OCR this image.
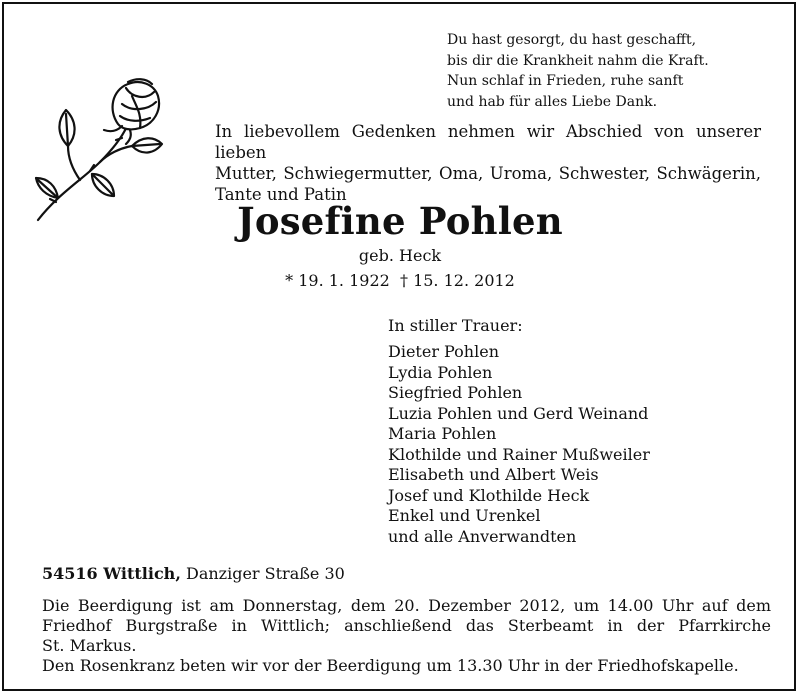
Du hast gesorgt, du hast geschafft,
bis dir die Krankheit nahm die Kraft.
Nun schlaf in Frieden, ruhe sanft
und hab für alles Liebe Dank.
In liebevollem Gedenken nehmen wir Abschied von unserer lieben
Mutter, Schwiegermutter, Oma, Uroma, Schwester, Schwägerin,
Tante und Patin
Josefine Pohlen
geb. Heck
* 19. 1. 1922  † 15. 12. 2012
In stiller Trauer:
Dieter Pohlen
Lydia Pohlen
Siegfried Pohlen
Luzia Pohlen und Gerd Weinand
Maria Pohlen
Klothilde und Rainer Mußweiler
Elisabeth und Albert Weis
Josef und Klothilde Heck
Enkel und Urenkel
und alle Anverwandten
54516 Wittlich, Danziger Straße 30
Die Beerdigung ist am Donnerstag, dem 20. Dezember 2012, um 14.00 Uhr auf dem
Friedhof Burgstraße in Wittlich; anschließend das Sterbeamt in der Pfarrkirche
St. Markus.
Den Rosenkranz beten wir vor der Beerdigung um 13.30 Uhr in der Friedhofskapelle.
